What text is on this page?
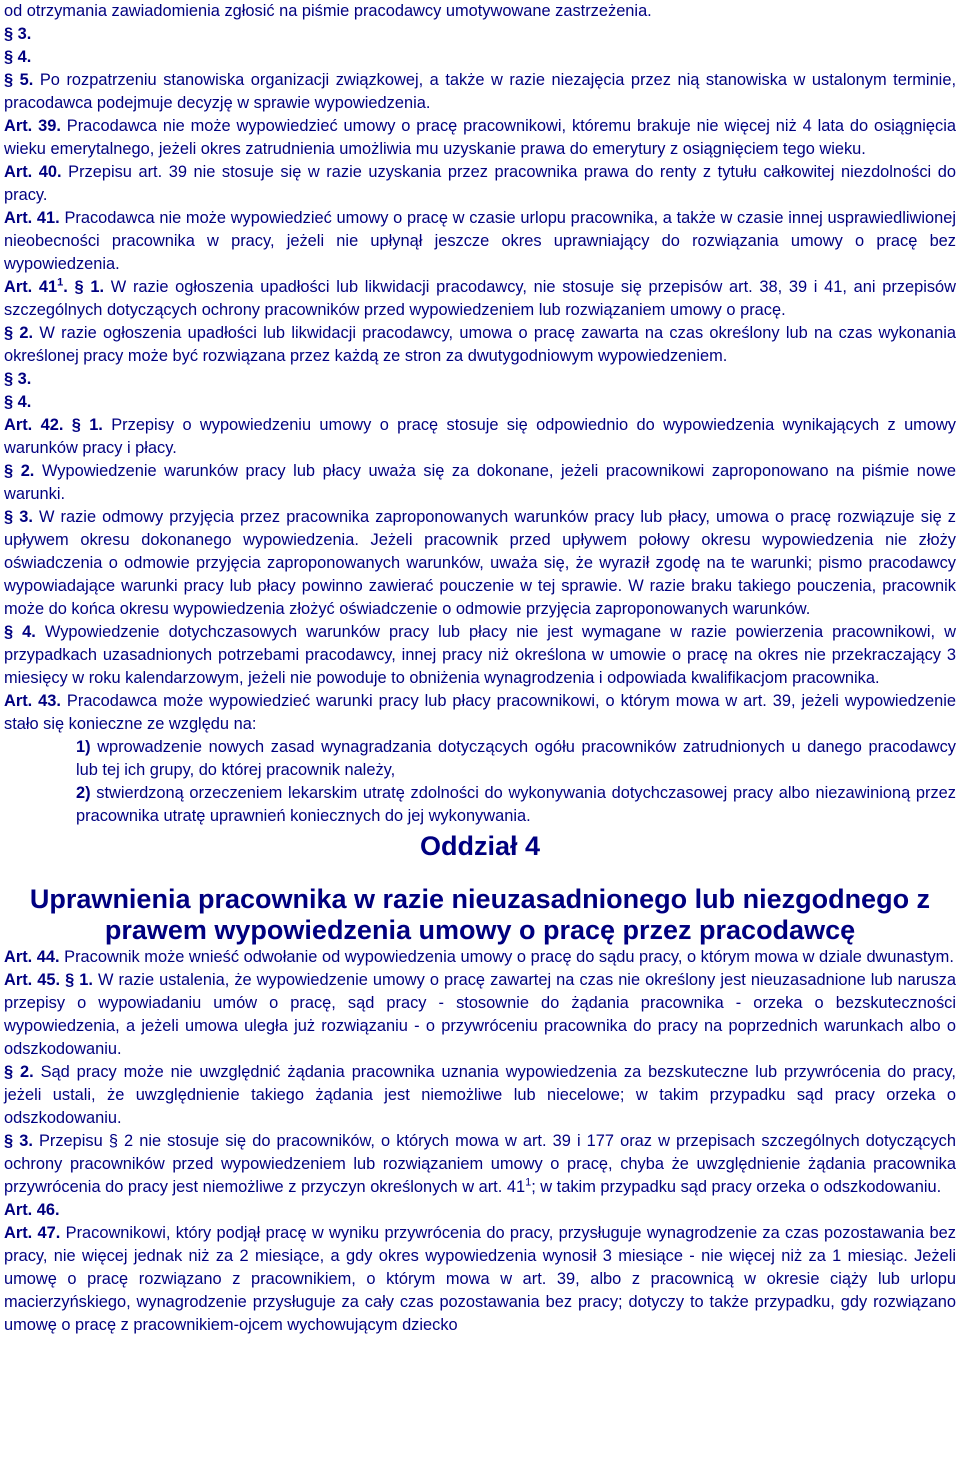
od otrzymania zawiadomienia zgłosić na piśmie pracodawcy umotywowane zastrzeżenia.

§ 3.

§ 4.

§ 5. Po rozpatrzeniu stanowiska organizacji związkowej, a także w razie niezajęcia przez nią stanowiska w ustalonym terminie, pracodawca podejmuje decyzję w sprawie wypowiedzenia.

Art. 39. Pracodawca nie może wypowiedzieć umowy o pracę pracownikowi, któremu brakuje nie więcej niż 4 lata do osiągnięcia wieku emerytalnego, jeżeli okres zatrudnienia umożliwia mu uzyskanie prawa do emerytury z osiągnięciem tego wieku.

Art. 40. Przepisu art. 39 nie stosuje się w razie uzyskania przez pracownika prawa do renty z tytułu całkowitej niezdolności do pracy.

Art. 41. Pracodawca nie może wypowiedzieć umowy o pracę w czasie urlopu pracownika, a także w czasie innej usprawiedliwionej nieobecności pracownika w pracy, jeżeli nie upłynął jeszcze okres uprawniający do rozwiązania umowy o pracę bez wypowiedzenia.

Art. $41^1$. § 1. W razie ogłoszenia upadłości lub likwidacji pracodawcy, nie stosuje się przepisów art. 38, 39 i 41, ani przepisów szczególnych dotyczących ochrony pracowników przed wypowiedzeniem lub rozwiązaniem umowy o pracę.

§ 2. W razie ogłoszenia upadłości lub likwidacji pracodawcy, umowa o pracę zawarta na czas określony lub na czas wykonania określonej pracy może być rozwiązana przez każdą ze stron za dwutygodniowym wypowiedzeniem.

§ 3.

§ 4.

Art. 42. § 1. Przepisy o wypowiedzeniu umowy o pracę stosuje się odpowiednio do wypowiedzenia wynikających z umowy warunków pracy i płacy.

§ 2. Wypowiedzenie warunków pracy lub płacy uważa się za dokonane, jeżeli pracownikowi zaproponowano na piśmie nowe warunki.

§ 3. W razie odmowy przyjęcia przez pracownika zaproponowanych warunków pracy lub płacy, umowa o pracę rozwiązuje się z upływem okresu dokonanego wypowiedzenia. Jeżeli pracownik przed upływem połowy okresu wypowiedzenia nie złoży oświadczenia o odmowie przyjęcia zaproponowanych warunków, uważa się, że wyraził zgodę na te warunki; pismo pracodawcy wypowiadające warunki pracy lub płacy powinno zawierać pouczenie w tej sprawie. W razie braku takiego pouczenia, pracownik może do końca okresu wypowiedzenia złożyć oświadczenie o odmowie przyjęcia zaproponowanych warunków.

§ 4. Wypowiedzenie dotychczasowych warunków pracy lub płacy nie jest wymagane w razie powierzenia pracownikowi, w przypadkach uzasadnionych potrzebami pracodawcy, innej pracy niż określona w umowie o pracę na okres nie przekraczający 3 miesięcy w roku kalendarzowym, jeżeli nie powoduje to obniżenia wynagrodzenia i odpowiada kwalifikacjom pracownika.

Art. 43. Pracodawca może wypowiedzieć warunki pracy lub płacy pracownikowi, o którym mowa w art. 39, jeżeli wypowiedzenie stało się konieczne ze względu na:

1) wprowadzenie nowych zasad wynagradzania dotyczących ogółu pracowników zatrudnionych u danego pracodawcy lub tej ich grupy, do której pracownik należy,

2) stwierdzoną orzeczeniem lekarskim utratę zdolności do wykonywania dotychczasowej pracy albo niezawinioną przez pracownika utratę uprawnień koniecznych do jej wykonywania.

Oddział 4
Uprawnienia pracownika w razie nieuzasadnionego lub niezgodnego z prawem wypowiedzenia umowy o pracę przez pracodawcę

Art. 44. Pracownik może wnieść odwołanie od wypowiedzenia umowy o pracę do sądu pracy, o którym mowa w dziale dwunastym.

Art. 45. § 1. W razie ustalenia, że wypowiedzenie umowy o pracę zawartej na czas nie określony jest nieuzasadnione lub narusza przepisy o wypowiadaniu umów o pracę, sąd pracy - stosownie do żądania pracownika - orzeka o bezskuteczności wypowiedzenia, a jeżeli umowa uległa już rozwiązaniu - o przywróceniu pracownika do pracy na poprzednich warunkach albo o odszkodowaniu.

§ 2. Sąd pracy może nie uwzględnić żądania pracownika uznania wypowiedzenia za bezskuteczne lub przywrócenia do pracy, jeżeli ustali, że uwzględnienie takiego żądania jest niemożliwe lub niecelowe; w takim przypadku sąd pracy orzeka o odszkodowaniu.

§ 3. Przepisu § 2 nie stosuje się do pracowników, o których mowa w art. 39 i 177 oraz w przepisach szczególnych dotyczących ochrony pracowników przed wypowiedzeniem lub rozwiązaniem umowy o pracę, chyba że uwzględnienie żądania pracownika przywrócenia do pracy jest niemożliwe z przyczyn określonych w art. $41^1$; w takim przypadku sąd pracy orzeka o odszkodowaniu.

Art. 46.

Art. 47. Pracownikowi, który podjął pracę w wyniku przywrócenia do pracy, przysługuje wynagrodzenie za czas pozostawania bez pracy, nie więcej jednak niż za 2 miesiące, a gdy okres wypowiedzenia wynosił 3 miesiące - nie więcej niż za 1 miesiąc. Jeżeli umowę o pracę rozwiązano z pracownikiem, o którym mowa w art. 39, albo z pracownicą w okresie ciąży lub urlopu macierzyńskiego, wynagrodzenie przysługuje za cały czas pozostawania bez pracy; dotyczy to także przypadku, gdy rozwiązano umowę o pracę z pracownikiem-ojcem wychowującym dziecko
